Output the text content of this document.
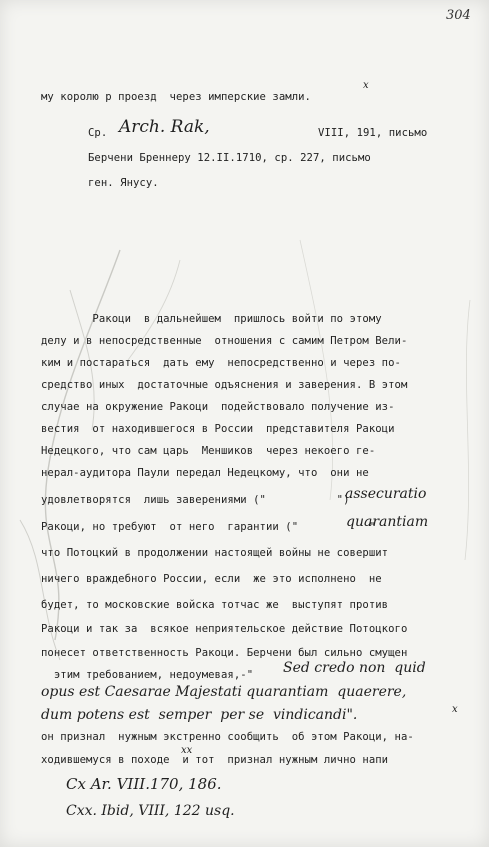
304
му королю р проезд  через имперские замли.
х
Ср. Arch. Rak,	VIII, 191, письмо
Берчени Бреннеру 12.II.1710, ср. 227, письмо
ген. Янусу.
Ракоци  в дальнейшем  пришлось войти по этому
делу и в непосредственные  отношения с самим Петром Вели-
ким и постараться  дать ему  непосредственно и через по-
средство иных  достаточные одъяснения и заверения. В этом
случае на окружение Ракоци  подействовало получение из-
вестия  от находившегося в России  представителя Ракоци
Недецкого, что сам царь  Меншиков  через некоего ге-
нерал-аудитора Паули передал Недецкому, что  они не
удовлетворятся  лишь заверениями ("           ")
Ракоци, но требуют  от него  гарантии ("           "
что Потоцкий в продолжении настоящей войны не совершит
ничего враждебного России, если  же это исполнено  не
будет, то московские войска тотчас же  выступят против
Ракоци и так за  всякое неприятельское действие Потоцкого
понесет ответственность Ракоци. Берчени был сильно смущен
этим требованием, недоумевая,-"
assecuratio
quarantiam
Sed credo non  quid
opus est Caesarae Majestati quarantiam  quaerere,
dum potens est  semper  per se  vindicandi".	х
он признал  нужным экстренно сообщить  об этом Ракоци, на-
ходившемуся в походе  и тот  признал нужным лично напи
хх
Cx Ar. VIII.170, 186.
Cxx. Ibid, VIII, 122 usq.
